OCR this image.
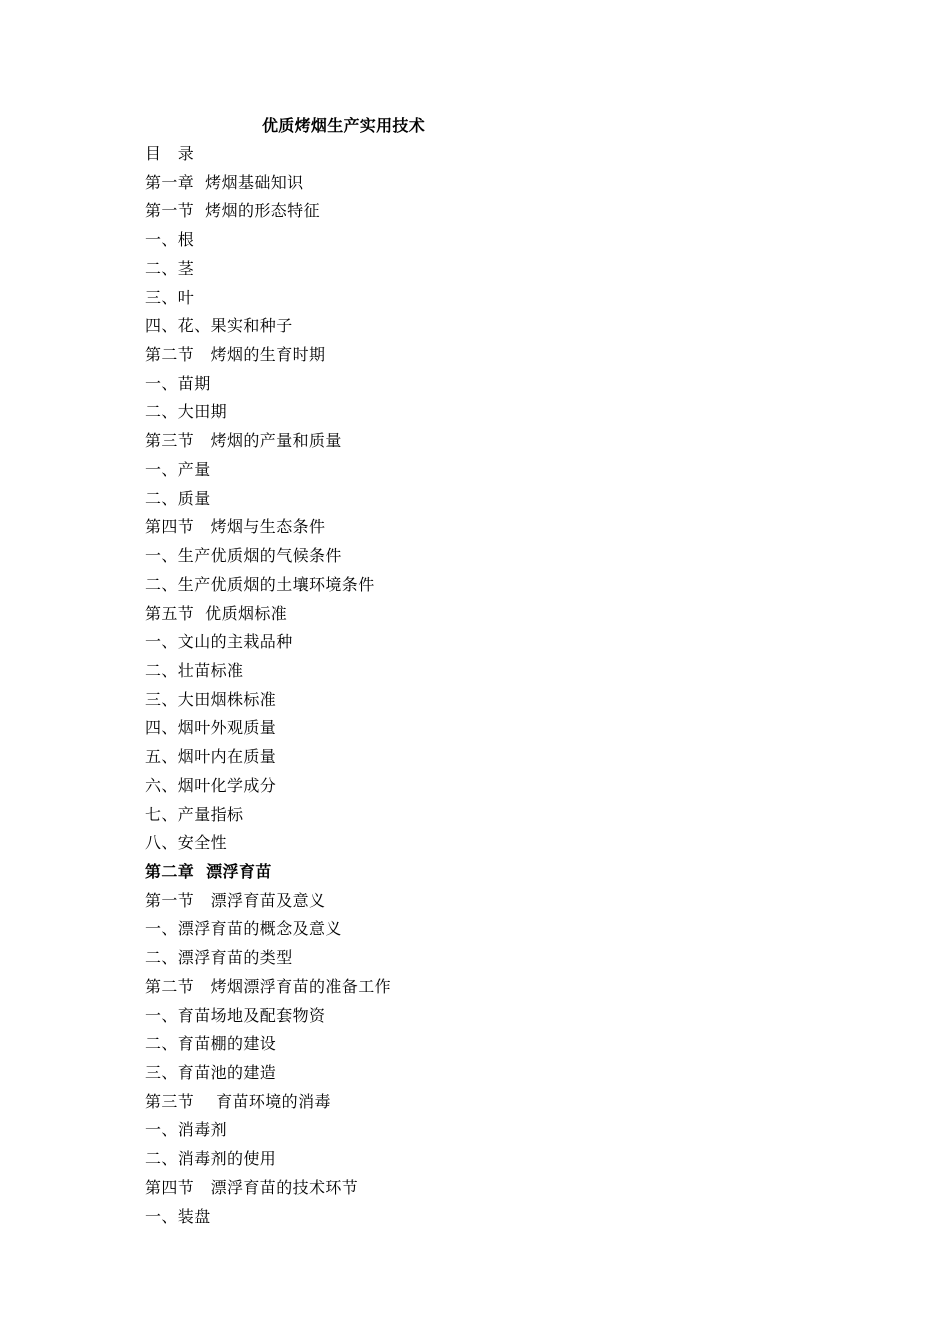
优质烤烟生产实用技术
目　录
第一章  烤烟基础知识
第一节  烤烟的形态特征
一、根
二、茎
三、叶
四、花、果实和种子
第二节　烤烟的生育时期
一、苗期
二、大田期
第三节　烤烟的产量和质量
一、产量
二、质量
第四节　烤烟与生态条件
一、生产优质烟的气候条件
二、生产优质烟的土壤环境条件
第五节  优质烟标准
一、文山的主栽品种
二、壮苗标准
三、大田烟株标准
四、烟叶外观质量
五、烟叶内在质量
六、烟叶化学成分
七、产量指标
八、安全性
第二章  漂浮育苗
第一节　漂浮育苗及意义
一、漂浮育苗的概念及意义
二、漂浮育苗的类型
第二节　烤烟漂浮育苗的准备工作
一、育苗场地及配套物资
二、育苗棚的建设
三、育苗池的建造
第三节　 育苗环境的消毒
一、消毒剂
二、消毒剂的使用
第四节　漂浮育苗的技术环节
一、装盘
